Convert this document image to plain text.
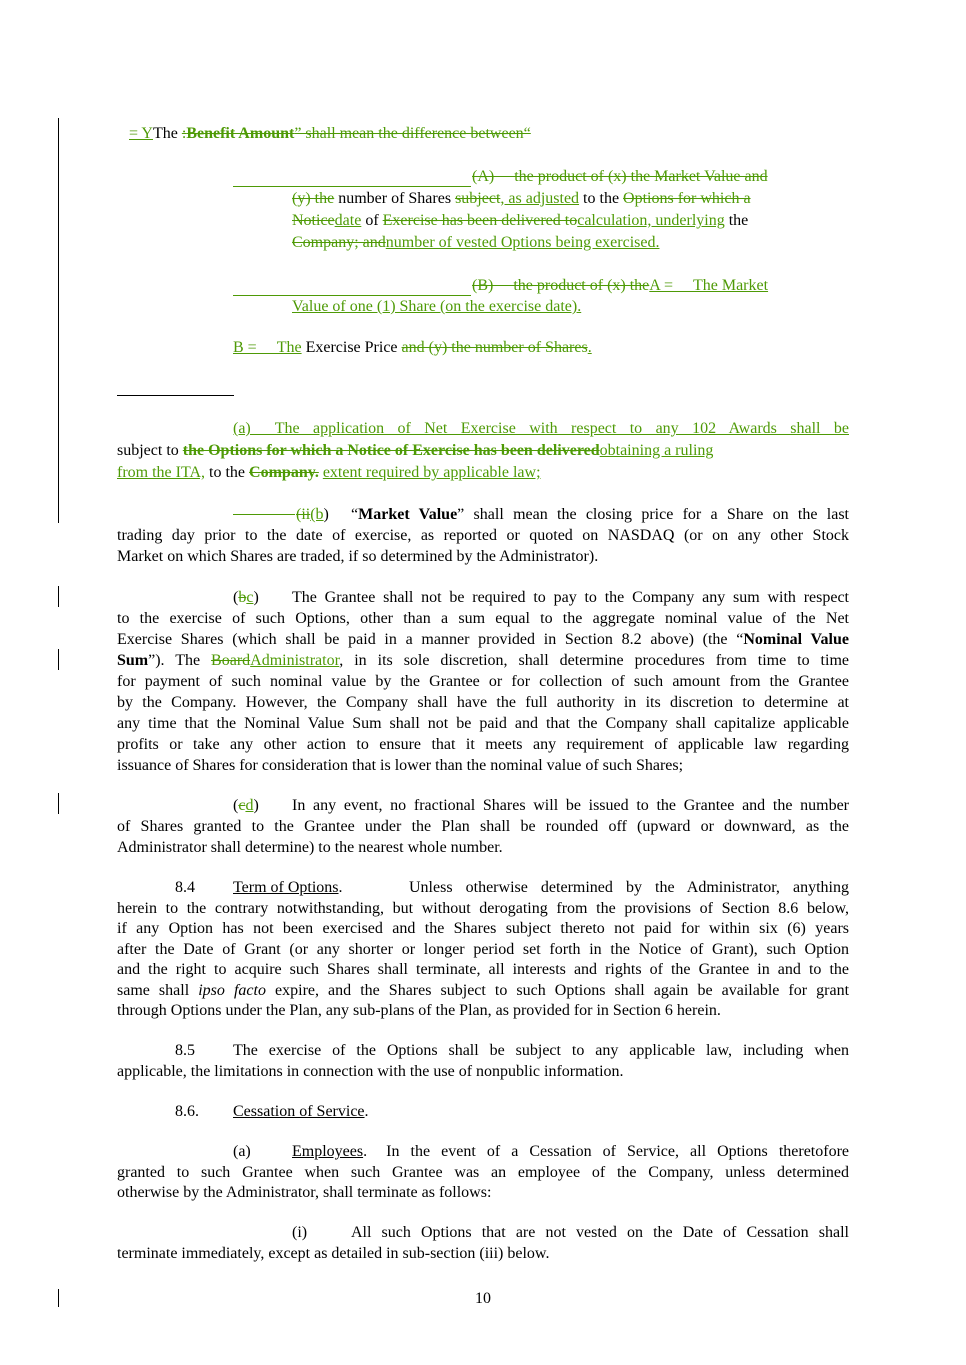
= YThe :Benefit Amount” shall mean the difference between“
(A)  the product of (x) the Market Value and
(y) the number of Shares subject, as adjusted to the Options for which a
Noticedate of Exercise has been delivered tocalculation, underlying the
Company; andnumber of vested Options being exercised.
(B)  the product of (x) theA =  The Market
Value of one (1) Share (on the exercise date).
B =  The Exercise Price and (y) the number of Shares.
(a)  The application of Net Exercise with respect to any 102 Awards shall be
subject to the Options for which a Notice of Exercise has been deliveredobtaining a ruling
from the ITA, to the Company. extent required by applicable law;
(ii(b) “Market Value” shall mean the closing price for a Share on the last
trading day prior to the date of exercise, as reported or quoted on NASDAQ (or on any other Stock
Market on which Shares are traded, if so determined by the Administrator).
(bc) The Grantee shall not be required to pay to the Company any sum with respect
to the exercise of such Options, other than a sum equal to the aggregate nominal value of the Net
Exercise Shares (which shall be paid in a manner provided in Section 8.2 above) (the “Nominal Value
Sum”). The BoardAdministrator, in its sole discretion, shall determine procedures from time to time
for payment of such nominal value by the Grantee or for collection of such amount from the Grantee
by the Company. However, the Company shall have the full authority in its discretion to determine at
any time that the Nominal Value Sum shall not be paid and that the Company shall capitalize applicable
profits or take any other action to ensure that it meets any requirement of applicable law regarding
issuance of Shares for consideration that is lower than the nominal value of such Shares;
(cd) In any event, no fractional Shares will be issued to the Grantee and the number
of Shares granted to the Grantee under the Plan shall be rounded off (upward or downward, as the
Administrator shall determine) to the nearest whole number.
8.4 Term of Options.	Unless otherwise determined by the Administrator, anything
herein to the contrary notwithstanding, but without derogating from the provisions of Section 8.6 below,
if any Option has not been exercised and the Shares subject thereto not paid for within six (6) years
after the Date of Grant (or any shorter or longer period set forth in the Notice of Grant), such Option
and the right to acquire such Shares shall terminate, all interests and rights of the Grantee in and to the
same shall ipso facto expire, and the Shares subject to such Options shall again be available for grant
through Options under the Plan, any sub-plans of the Plan, as provided for in Section 6 herein.
8.5 The exercise of the Options shall be subject to any applicable law, including when
applicable, the limitations in connection with the use of nonpublic information.
8.6. Cessation of Service.
(a)	Employees.  In the event of a Cessation of Service, all Options theretofore
granted to such Grantee when such Grantee was an employee of the Company, unless determined
otherwise by the Administrator, shall terminate as follows:
(i)	All such Options that are not vested on the Date of Cessation shall
terminate immediately, except as detailed in sub-section (iii) below.
10
